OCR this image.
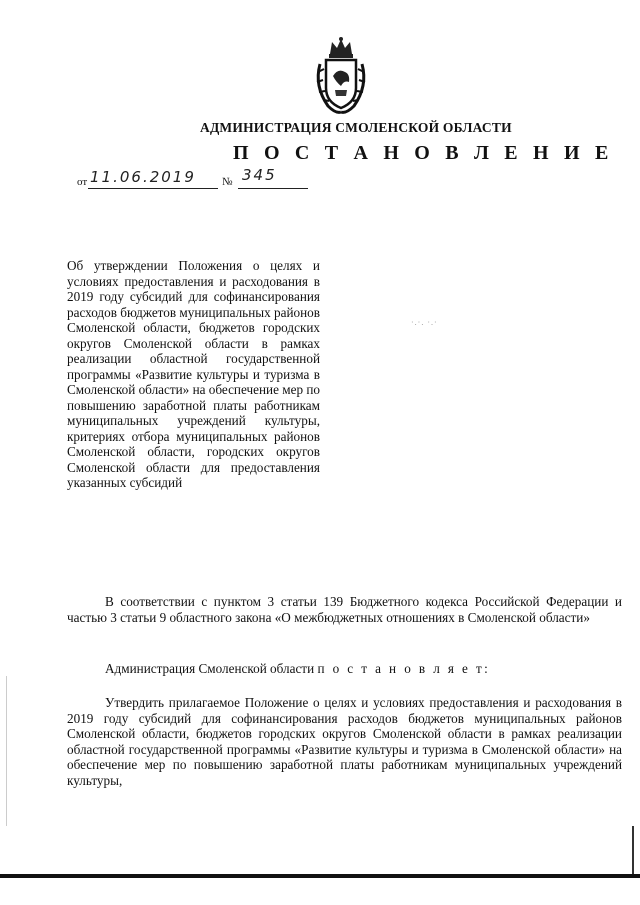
АДМИНИСТРАЦИЯ СМОЛЕНСКОЙ ОБЛАСТИ
П О С Т А Н О В Л Е Н И Е
от 11.06.2019 № 345
Об утверждении Положения о целях и условиях предоставления и расходования в 2019 году субсидий для софинансирования расходов бюджетов муниципальных районов Смоленской области, бюджетов городских округов Смоленской области в рамках реализации областной государственной программы «Развитие культуры и туризма в Смоленской области» на обеспечение мер по повышению заработной платы работникам муниципальных учреждений культуры, критериях отбора муниципальных районов Смоленской области, городских округов Смоленской области для предоставления указанных субсидий
·.·. ·.·
В соответствии с пунктом 3 статьи 139 Бюджетного кодекса Российской Федерации и частью 3 статьи 9 областного закона «О межбюджетных отношениях в Смоленской области»
Администрация Смоленской области п о с т а н о в л я е т:
Утвердить прилагаемое Положение о целях и условиях предоставления и расходования в 2019 году субсидий для софинансирования расходов бюджетов муниципальных районов Смоленской области, бюджетов городских округов Смоленской области в рамках реализации областной государственной программы «Развитие культуры и туризма в Смоленской области» на обеспечение мер по повышению заработной платы работникам муниципальных учреждений культуры,
